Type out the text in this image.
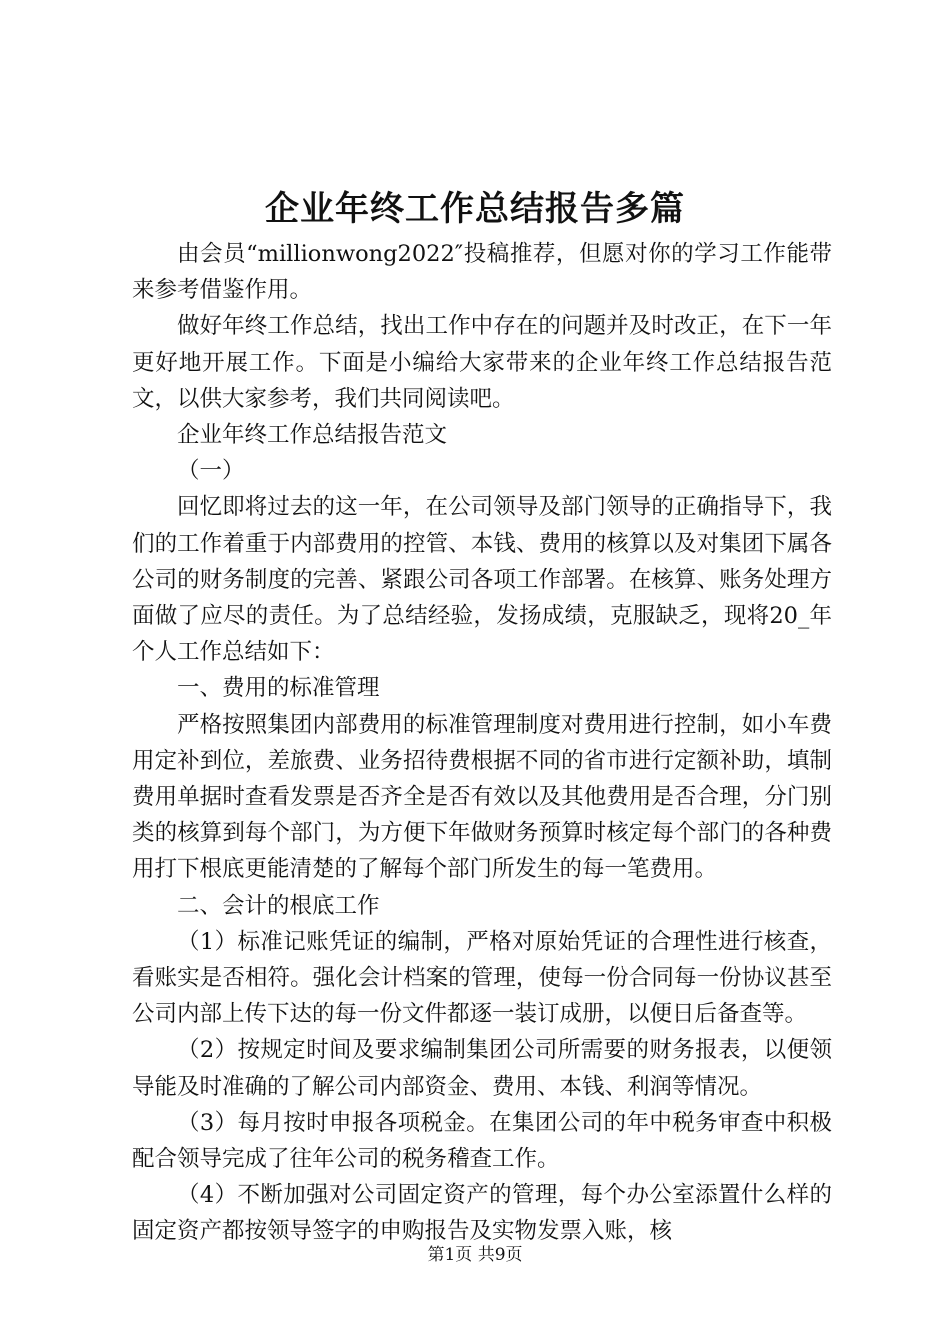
企业年终工作总结报告多篇

由会员“millionwong2022″投稿推荐，但愿对你的学习工作能带来参考借鉴作用。

做好年终工作总结，找出工作中存在的问题并及时改正，在下一年更好地开展工作。下面是小编给大家带来的企业年终工作总结报告范文，以供大家参考，我们共同阅读吧。

企业年终工作总结报告范文

（一）

回忆即将过去的这一年，在公司领导及部门领导的正确指导下，我们的工作着重于内部费用的控管、本钱、费用的核算以及对集团下属各公司的财务制度的完善、紧跟公司各项工作部署。在核算、账务处理方面做了应尽的责任。为了总结经验，发扬成绩，克服缺乏，现将20_年个人工作总结如下：

一、费用的标准管理

严格按照集团内部费用的标准管理制度对费用进行控制，如小车费用定补到位，差旅费、业务招待费根据不同的省市进行定额补助，填制费用单据时查看发票是否齐全是否有效以及其他费用是否合理，分门别类的核算到每个部门，为方便下年做财务预算时核定每个部门的各种费用打下根底更能清楚的了解每个部门所发生的每一笔费用。

二、会计的根底工作

（1）标准记账凭证的编制，严格对原始凭证的合理性进行核查，看账实是否相符。强化会计档案的管理，使每一份合同每一份协议甚至公司内部上传下达的每一份文件都逐一装订成册，以便日后备查等。

（2）按规定时间及要求编制集团公司所需要的财务报表，以便领导能及时准确的了解公司内部资金、费用、本钱、利润等情况。

（3）每月按时申报各项税金。在集团公司的年中税务审查中积极配合领导完成了往年公司的税务稽查工作。

（4）不断加强对公司固定资产的管理，每个办公室添置什么样的固定资产都按领导签字的申购报告及实物发票入账，核

第1页 共9页
